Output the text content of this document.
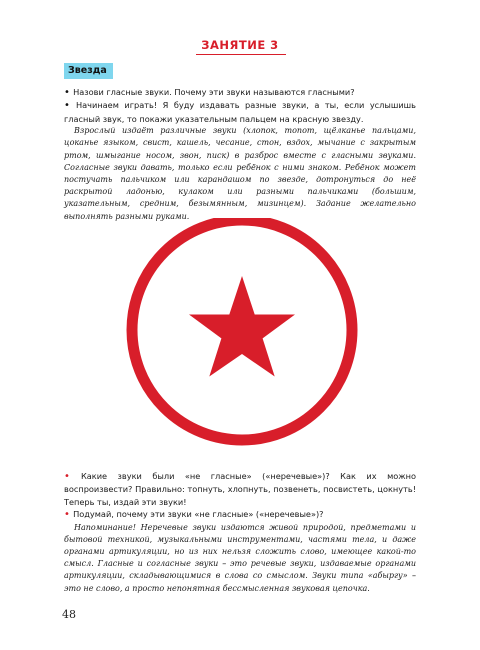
ЗАНЯТИЕ 3
Звезда

• Назови гласные звуки. Почему эти звуки называются гласными?

• Начинаем играть! Я буду издавать разные звуки, а ты, если услышишь гласный звук, то покажи указательным пальцем на красную звезду.

Взрослый издаёт различные звуки (хлопок, топот, щёлканье пальцами, цоканье языком, свист, кашель, чесание, стон, вздох, мычание с закрытым ртом, шмыгание носом, звон, писк) в разброс вместе с гласными звуками. Согласные звуки давать, только если ребёнок с ними знаком. Ребёнок может постучать пальчиком или карандашом по звезде, дотронуться до неё раскрытой ладонью, кулаком или разными пальчиками (большим, указательным, средним, безымянным, мизинцем). Задание желательно выполнять разными руками.

• Какие звуки были «не гласные» («неречевые»)? Как их можно воспроизвести? Правильно: топнуть, хлопнуть, позвенеть, посвистеть, цокнуть! Теперь ты, издай эти звуки!

• Подумай, почему эти звуки «не гласные» («неречевые»)?

Напоминание! Неречевые звуки издаются живой природой, предметами и бытовой техникой, музыкальными инструментами, частями тела, и даже органами артикуляции, но из них нельзя сложить слово, имеющее какой-то смысл. Гласные и согласные звуки – это речевые звуки, издаваемые органами артикуляции, складывающимися в слова со смыслом. Звуки типа «абыргу» – это не слово, а просто непонятная бессмысленная звуковая цепочка.

48
